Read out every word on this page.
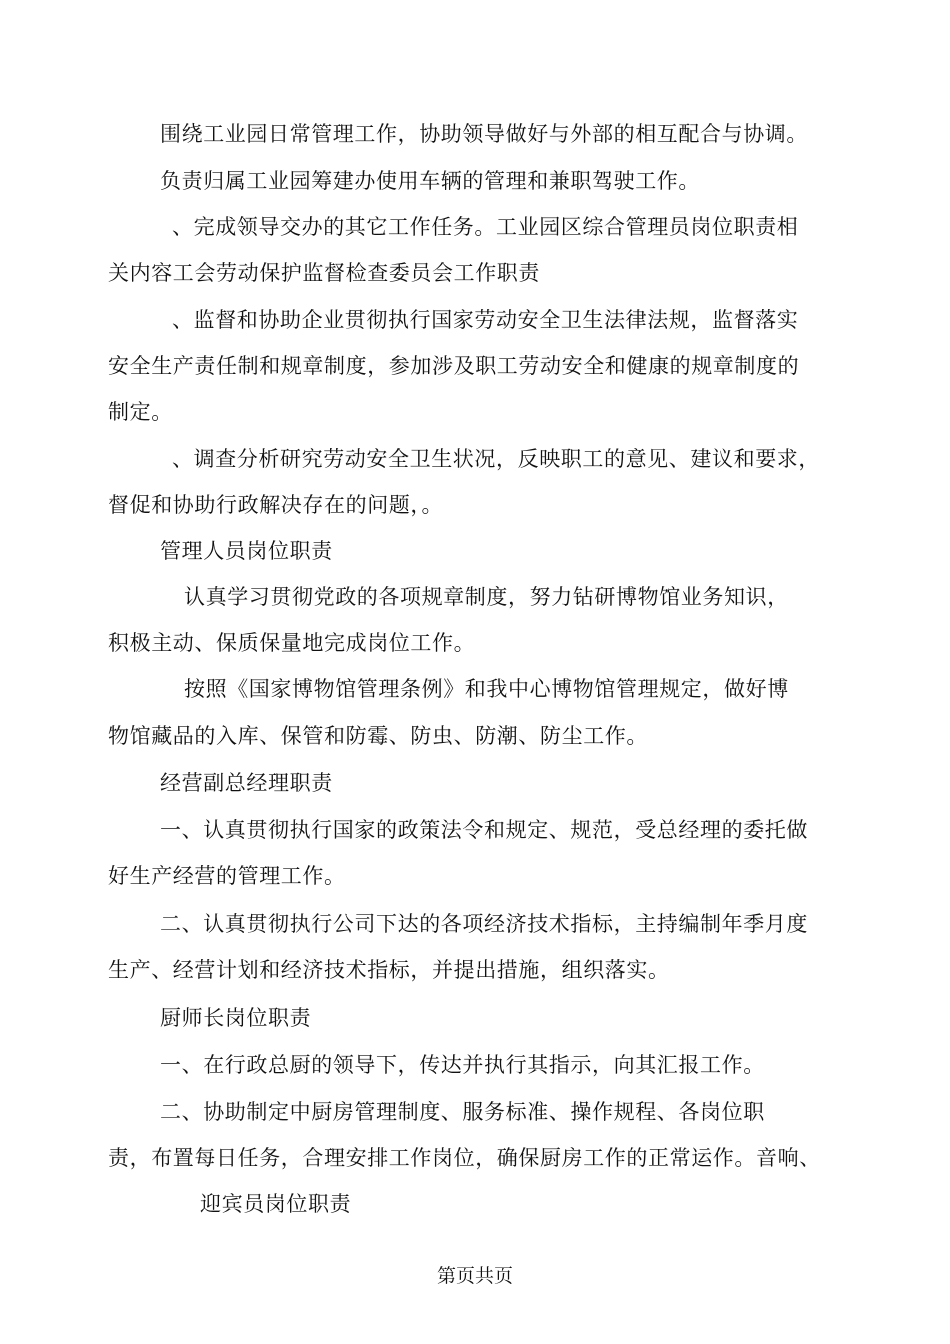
围绕工业园日常管理工作，协助领导做好与外部的相互配合与协调。
负责归属工业园筹建办使用车辆的管理和兼职驾驶工作。
、完成领导交办的其它工作任务。工业园区综合管理员岗位职责相
关内容工会劳动保护监督检查委员会工作职责
、监督和协助企业贯彻执行国家劳动安全卫生法律法规，监督落实
安全生产责任制和规章制度，参加涉及职工劳动安全和健康的规章制度的
制定。
、调查分析研究劳动安全卫生状况，反映职工的意见、建议和要求，
督促和协助行政解决存在的问题，。
管理人员岗位职责
认真学习贯彻党政的各项规章制度，努力钻研博物馆业务知识，
积极主动、保质保量地完成岗位工作。
按照《国家博物馆管理条例》和我中心博物馆管理规定，做好博
物馆藏品的入库、保管和防霉、防虫、防潮、防尘工作。
经营副总经理职责
一、认真贯彻执行国家的政策法令和规定、规范，受总经理的委托做
好生产经营的管理工作。
二、认真贯彻执行公司下达的各项经济技术指标，主持编制年季月度
生产、经营计划和经济技术指标，并提出措施，组织落实。
厨师长岗位职责
一、在行政总厨的领导下，传达并执行其指示，向其汇报工作。
二、协助制定中厨房管理制度、服务标准、操作规程、各岗位职
责，布置每日任务，合理安排工作岗位，确保厨房工作的正常运作。音响、
迎宾员岗位职责
第页共页
